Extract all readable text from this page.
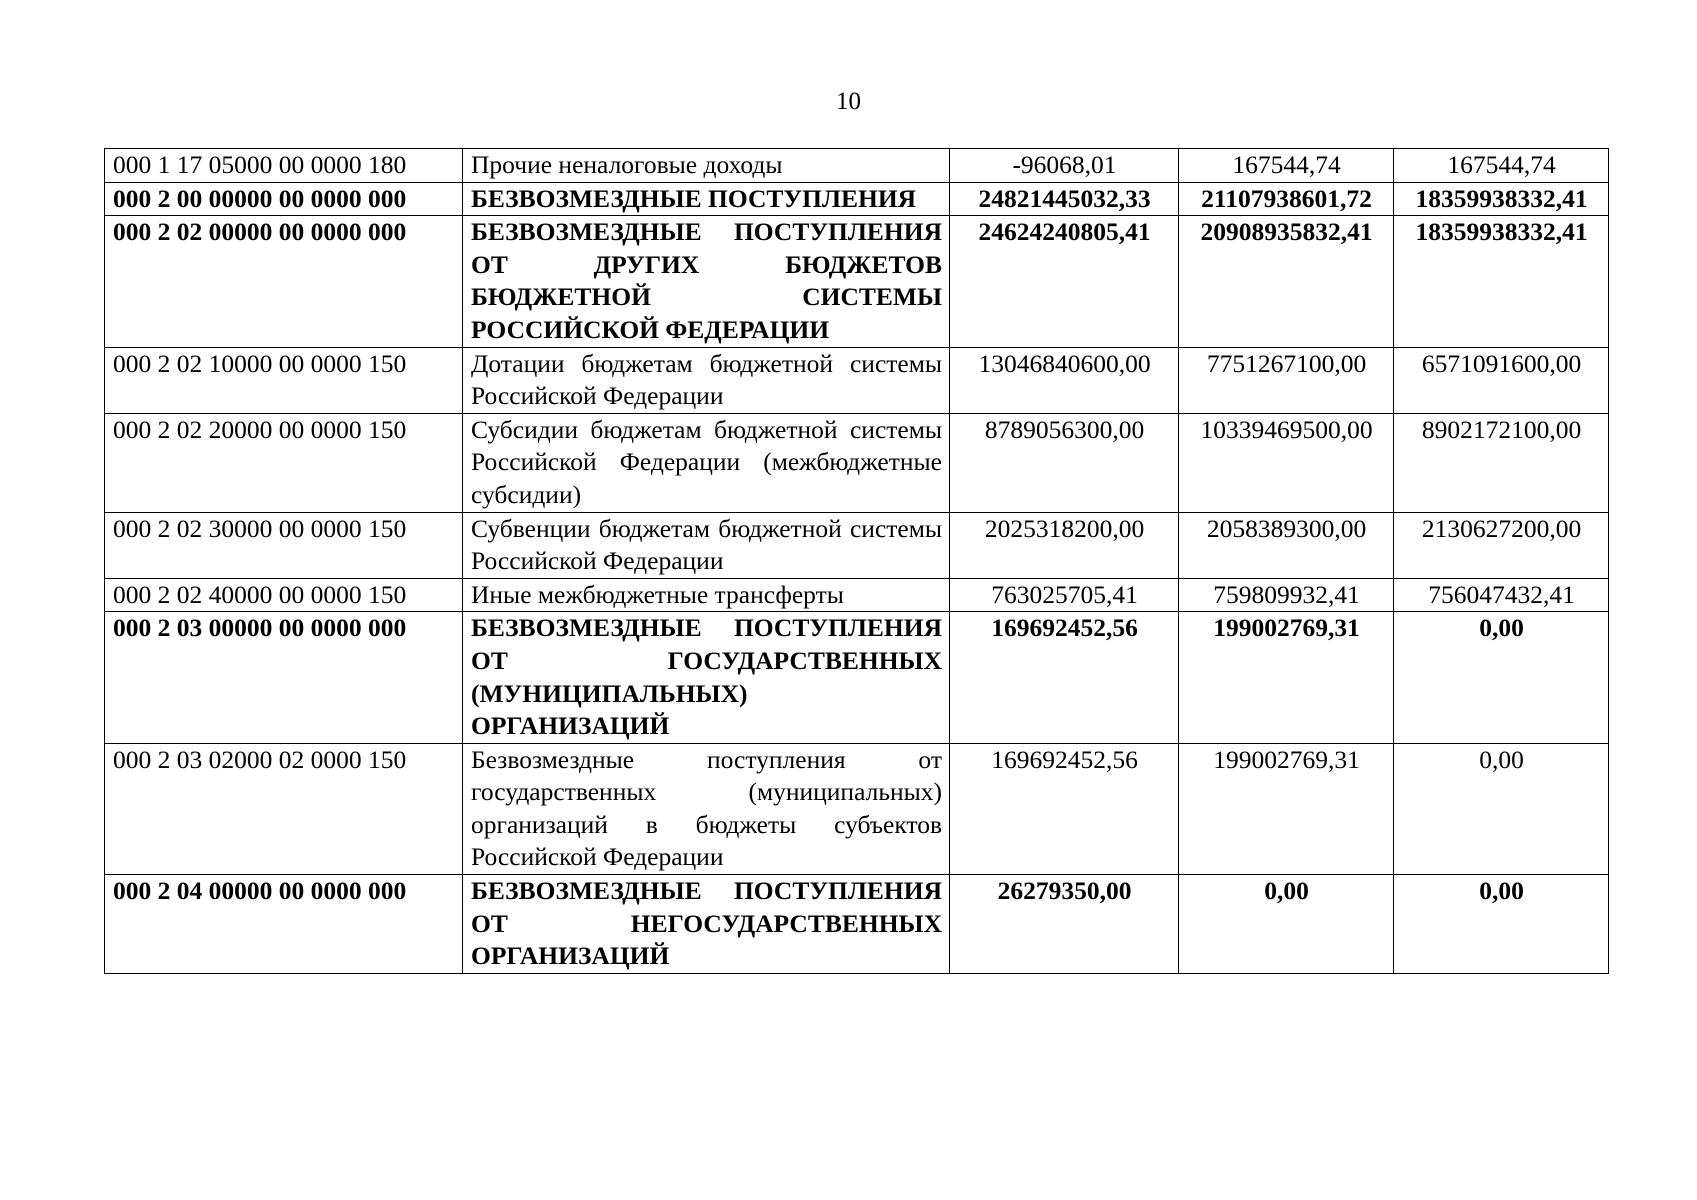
10
000 1 17 05000 00 0000 180	Прочие неналоговые доходы	-96068,01	167544,74	167544,74
000 2 00 00000 00 0000 000	БЕЗВОЗМЕЗДНЫЕ ПОСТУПЛЕНИЯ	24821445032,33	21107938601,72	18359938332,41
000 2 02 00000 00 0000 000	БЕЗВОЗМЕЗДНЫЕ ПОСТУПЛЕНИЯ ОТ ДРУГИХ БЮДЖЕТОВ БЮДЖЕТНОЙ СИСТЕМЫ РОССИЙСКОЙ ФЕДЕРАЦИИ	24624240805,41	20908935832,41	18359938332,41
000 2 02 10000 00 0000 150	Дотации бюджетам бюджетной системы Российской Федерации	13046840600,00	7751267100,00	6571091600,00
000 2 02 20000 00 0000 150	Субсидии бюджетам бюджетной системы Российской Федерации (межбюджетные субсидии)	8789056300,00	10339469500,00	8902172100,00
000 2 02 30000 00 0000 150	Субвенции бюджетам бюджетной системы Российской Федерации	2025318200,00	2058389300,00	2130627200,00
000 2 02 40000 00 0000 150	Иные межбюджетные трансферты	763025705,41	759809932,41	756047432,41
000 2 03 00000 00 0000 000	БЕЗВОЗМЕЗДНЫЕ ПОСТУПЛЕНИЯ ОТ ГОСУДАРСТВЕННЫХ (МУНИЦИПАЛЬНЫХ) ОРГАНИЗАЦИЙ	169692452,56	199002769,31	0,00
000 2 03 02000 02 0000 150	Безвозмездные поступления от государственных (муниципальных) организаций в бюджеты субъектов Российской Федерации	169692452,56	199002769,31	0,00
000 2 04 00000 00 0000 000	БЕЗВОЗМЕЗДНЫЕ ПОСТУПЛЕНИЯ ОТ НЕГОСУДАРСТВЕННЫХ ОРГАНИЗАЦИЙ	26279350,00	0,00	0,00
